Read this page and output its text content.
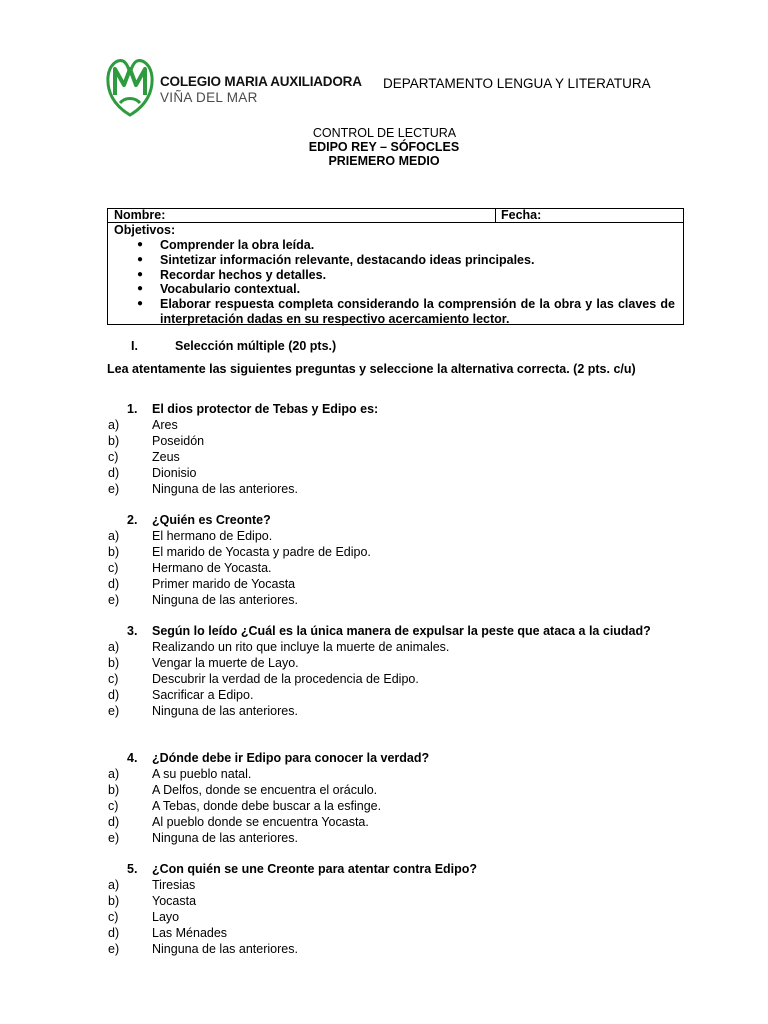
COLEGIO MARIA AUXILIADORA
VIÑA DEL MAR
DEPARTAMENTO LENGUA Y LITERATURA
CONTROL DE LECTURA
EDIPO REY – SÓFOCLES
PRIEMERO MEDIO
Nombre:	Fecha:
Objetivos:
● Comprender la obra leída.
● Sintetizar información relevante, destacando ideas principales.
● Recordar hechos y detalles.
● Vocabulario contextual.
● Elaborar respuesta completa considerando la comprensión de la obra y las claves de interpretación dadas en su respectivo acercamiento lector.
I.	Selección múltiple (20 pts.)
Lea atentamente las siguientes preguntas y seleccione la alternativa correcta. (2 pts. c/u)
1. El dios protector de Tebas y Edipo es:
a)	Ares
b)	Poseidón
c)	Zeus
d)	Dionisio
e)	Ninguna de las anteriores.
2. ¿Quién es Creonte?
a)	El hermano de Edipo.
b)	El marido de Yocasta y padre de Edipo.
c)	Hermano de Yocasta.
d)	Primer marido de Yocasta
e)	Ninguna de las anteriores.
3. Según lo leído ¿Cuál es la única manera de expulsar la peste que ataca a la ciudad?
a)	Realizando un rito que incluye la muerte de animales.
b)	Vengar la muerte de Layo.
c)	Descubrir la verdad de la procedencia de Edipo.
d)	Sacrificar a Edipo.
e)	Ninguna de las anteriores.
4. ¿Dónde debe ir Edipo para conocer la verdad?
a)	A su pueblo natal.
b)	A Delfos, donde se encuentra el oráculo.
c)	A Tebas, donde debe buscar a la esfinge.
d)	Al pueblo donde se encuentra Yocasta.
e)	Ninguna de las anteriores.
5. ¿Con quién se une Creonte para atentar contra Edipo?
a)	Tiresias
b)	Yocasta
c)	Layo
d)	Las Ménades
e)	Ninguna de las anteriores.
